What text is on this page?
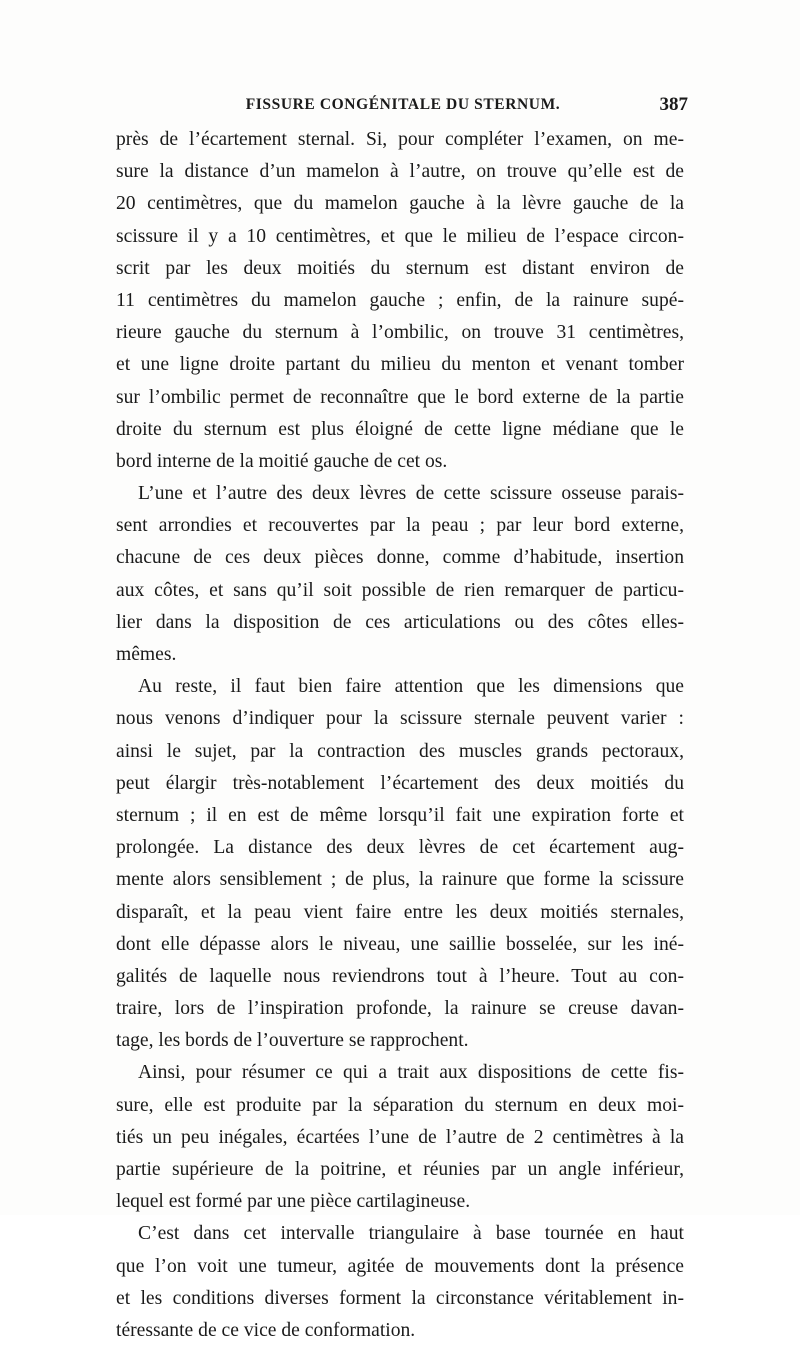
FISSURE CONGÉNITALE DU STERNUM.	387
près de l’écartement sternal. Si, pour compléter l’examen, on me-
sure la distance d’un mamelon à l’autre, on trouve qu’elle est de
20 centimètres, que du mamelon gauche à la lèvre gauche de la
scissure il y a 10 centimètres, et que le milieu de l’espace circon-
scrit par les deux moitiés du sternum est distant environ de
11 centimètres du mamelon gauche ; enfin, de la rainure supé-
rieure gauche du sternum à l’ombilic, on trouve 31 centimètres,
et une ligne droite partant du milieu du menton et venant tomber
sur l’ombilic permet de reconnaître que le bord externe de la partie
droite du sternum est plus éloigné de cette ligne médiane que le
bord interne de la moitié gauche de cet os.
L’une et l’autre des deux lèvres de cette scissure osseuse parais-
sent arrondies et recouvertes par la peau ; par leur bord externe,
chacune de ces deux pièces donne, comme d’habitude, insertion
aux côtes, et sans qu’il soit possible de rien remarquer de particu-
lier dans la disposition de ces articulations ou des côtes elles-
mêmes.
Au reste, il faut bien faire attention que les dimensions que
nous venons d’indiquer pour la scissure sternale peuvent varier :
ainsi le sujet, par la contraction des muscles grands pectoraux,
peut élargir très-notablement l’écartement des deux moitiés du
sternum ; il en est de même lorsqu’il fait une expiration forte et
prolongée. La distance des deux lèvres de cet écartement aug-
mente alors sensiblement ; de plus, la rainure que forme la scissure
disparaît, et la peau vient faire entre les deux moitiés sternales,
dont elle dépasse alors le niveau, une saillie bosselée, sur les iné-
galités de laquelle nous reviendrons tout à l’heure. Tout au con-
traire, lors de l’inspiration profonde, la rainure se creuse davan-
tage, les bords de l’ouverture se rapprochent.
Ainsi, pour résumer ce qui a trait aux dispositions de cette fis-
sure, elle est produite par la séparation du sternum en deux moi-
tiés un peu inégales, écartées l’une de l’autre de 2 centimètres à la
partie supérieure de la poitrine, et réunies par un angle inférieur,
lequel est formé par une pièce cartilagineuse.
C’est dans cet intervalle triangulaire à base tournée en haut
que l’on voit une tumeur, agitée de mouvements dont la présence
et les conditions diverses forment la circonstance véritablement in-
téressante de ce vice de conformation.
